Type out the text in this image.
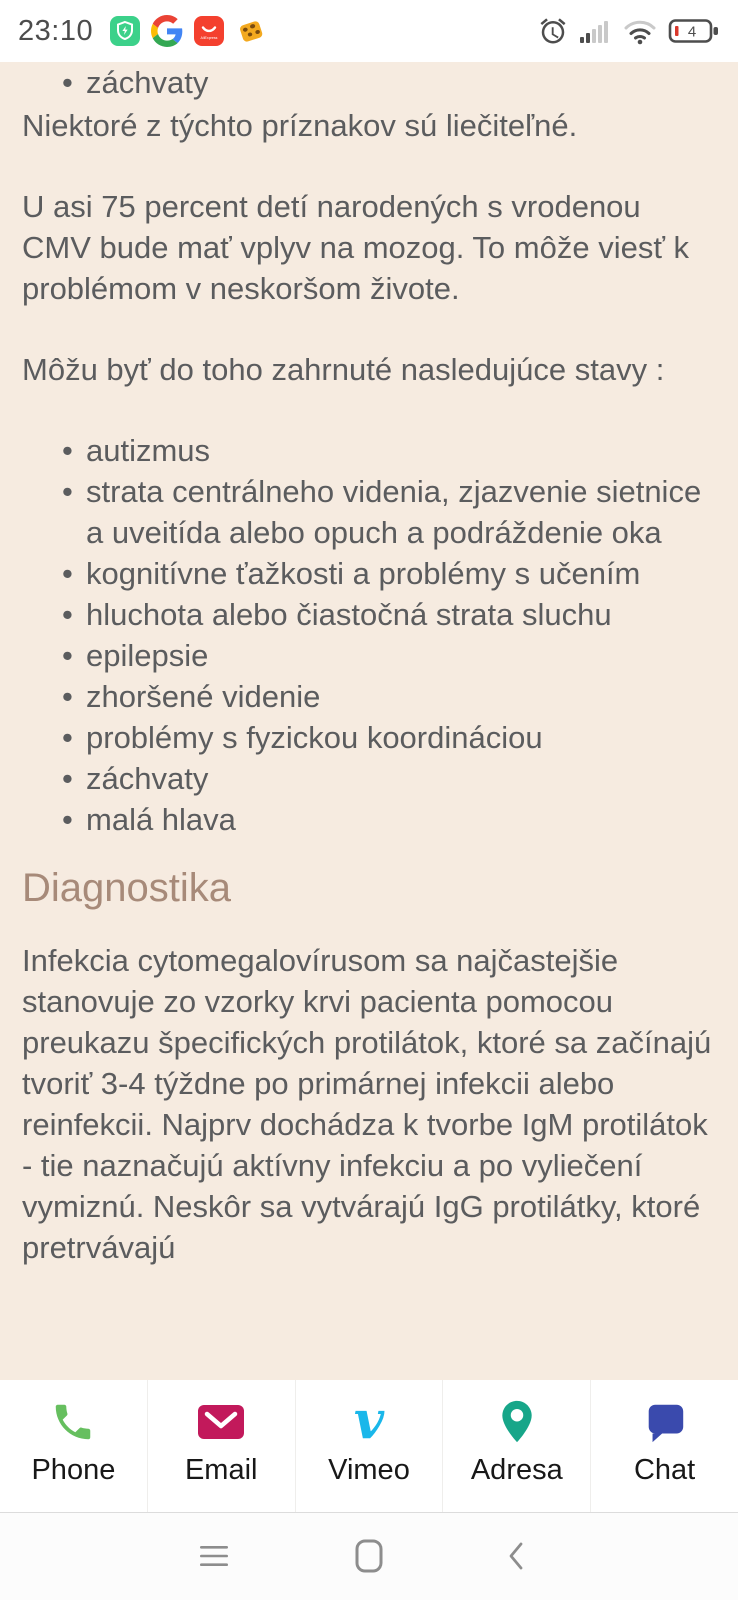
23:10	AliExpress	4
• záchvaty

Niektoré z týchto príznakov sú liečiteľné.

U asi 75 percent detí narodených s vrodenou CMV bude mať vplyv na mozog. To môže viesť k problémom v neskoršom živote.

Môžu byť do toho zahrnuté nasledujúce stavy :

• autizmus
• strata centrálneho videnia, zjazvenie sietnice a uveitída alebo opuch a podráždenie oka
• kognitívne ťažkosti a problémy s učením
• hluchota alebo čiastočná strata sluchu
• epilepsie
• zhoršené videnie
• problémy s fyzickou koordináciou
• záchvaty
• malá hlava
Diagnostika

Infekcia cytomegalovírusom sa najčastejšie stanovuje zo vzorky krvi pacienta pomocou preukazu špecifických protilátok, ktoré sa začínajú tvoriť 3-4 týždne po primárnej infekcii alebo reinfekcii. Najprv dochádza k tvorbe IgM protilátok - tie naznačujú aktívny infekciu a po vyliečení vymiznú. Neskôr sa vytvárajú IgG protilátky, ktoré pretrvávajú

Phone Email
v
Vimeo Adresa Chat
